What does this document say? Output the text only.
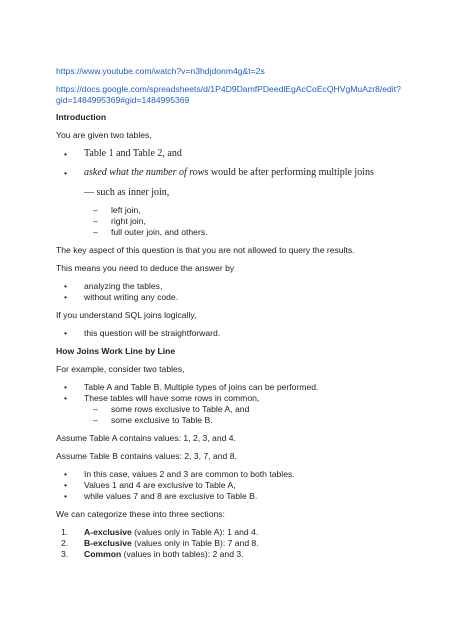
https://www.youtube.com/watch?v=n3hdjdonm4g&t=2s
https://docs.google.com/spreadsheets/d/1P4D9DamfPDeedlEgAcCoEcQHVgMuAzr8/edit?
gid=1484995369#gid=1484995369
Introduction
You are given two tables,
• Table 1 and Table 2, and
• asked what the number of rows would be after performing multiple joins
— such as inner join,
– left join,
– right join,
– full outer join, and others.
The key aspect of this question is that you are not allowed to query the results.
This means you need to deduce the answer by
• analyzing the tables,
• without writing any code.
If you understand SQL joins logically,
• this question will be straightforward.
How Joins Work Line by Line
For example, consider two tables,
• Table A and Table B. Multiple types of joins can be performed.
• These tables will have some rows in common,
– some rows exclusive to Table A, and
– some exclusive to Table B.
Assume Table A contains values: 1, 2, 3, and 4.
Assume Table B contains values: 2, 3, 7, and 8.
• In this case, values 2 and 3 are common to both tables.
• Values 1 and 4 are exclusive to Table A,
• while values 7 and 8 are exclusive to Table B.
We can categorize these into three sections:
1. A-exclusive (values only in Table A): 1 and 4.
2. B-exclusive (values only in Table B): 7 and 8.
3. Common (values in both tables): 2 and 3.
